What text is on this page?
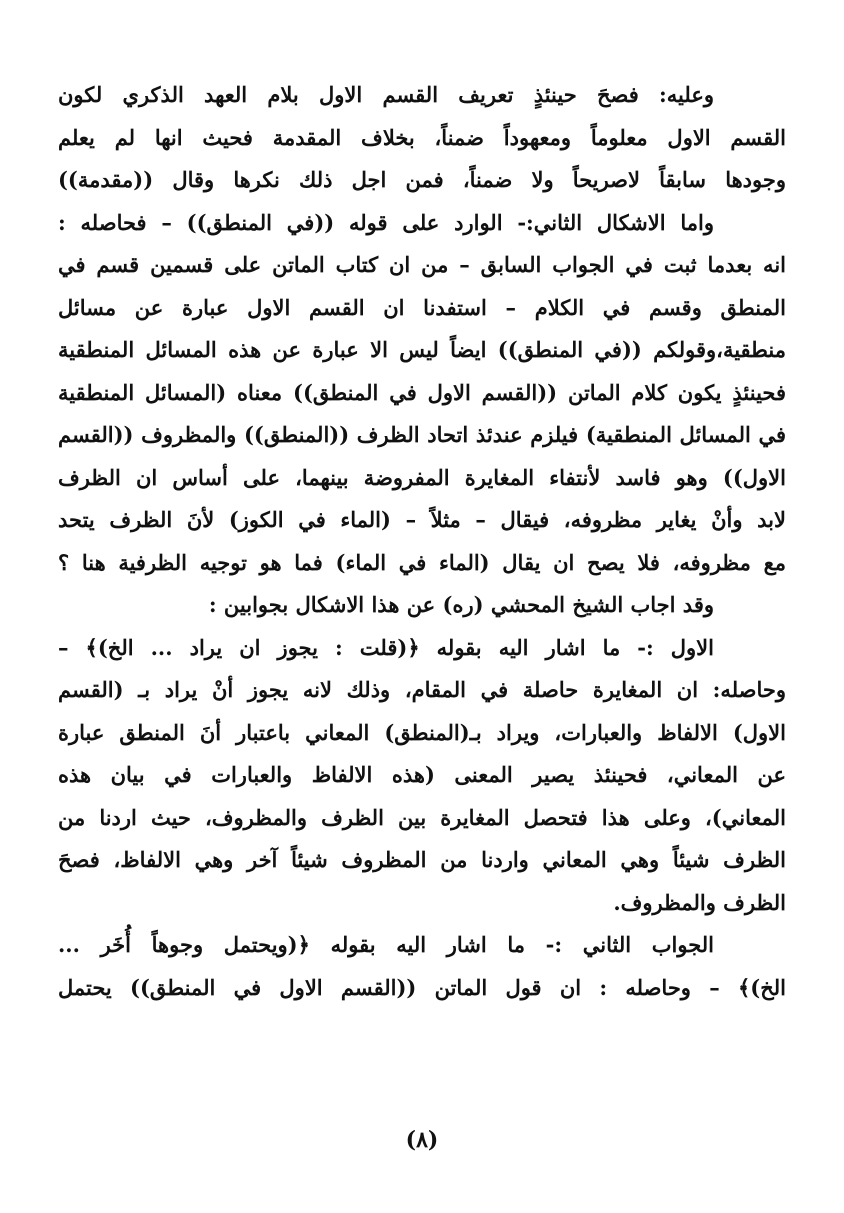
وعليه: فصحَ حينئذٍ تعريف القسم الاول بلام العهد الذكري لكون
القسم الاول معلوماً ومعهوداً ضمناً، بخلاف المقدمة فحيث انها لم يعلم
وجودها سابقاً لاصريحاً ولا ضمناً، فمن اجل ذلك نكرها وقال ((مقدمة))
واما الاشكال الثاني:- الوارد على قوله ((في المنطق)) – فحاصله :
انه بعدما ثبت في الجواب السابق – من ان كتاب الماتن على قسمين قسم في
المنطق وقسم في الكلام – استفدنا ان القسم الاول عبارة عن مسائل
منطقية،وقولكم ((في المنطق)) ايضاً ليس الا عبارة عن هذه المسائل المنطقية
فحينئذٍ يكون كلام الماتن ((القسم الاول في المنطق)) معناه (المسائل المنطقية
في المسائل المنطقية) فيلزم عندئذ اتحاد الظرف ((المنطق)) والمظروف ((القسم
الاول)) وهو فاسد لأنتفاء المغايرة المفروضة بينهما، على أساس ان الظرف
لابد وأنْ يغاير مظروفه، فيقال – مثلاً – (الماء في الكوز) لأنَ الظرف يتحد
مع مظروفه، فلا يصح ان يقال (الماء في الماء) فما هو توجيه الظرفية هنا ؟
وقد اجاب الشيخ المحشي (ره) عن هذا الاشكال بجوابين :
الاول :- ما اشار اليه بقوله ﴿(قلت : يجوز ان يراد ... الخ)﴾ –
وحاصله: ان المغايرة حاصلة في المقام، وذلك لانه يجوز أنْ يراد بـ (القسم
الاول) الالفاظ والعبارات، ويراد بـ(المنطق) المعاني باعتبار أنَ المنطق عبارة
عن المعاني، فحينئذ يصير المعنى (هذه الالفاظ والعبارات في بيان هذه
المعاني)، وعلى هذا فتحصل المغايرة بين الظرف والمظروف، حيث اردنا من
الظرف شيئاً وهي المعاني واردنا من المظروف شيئاً آخر وهي الالفاظ، فصحَ
الظرف والمظروف.
الجواب الثاني :- ما اشار اليه بقوله ﴿(ويحتمل وجوهاً أُخَر ...
الخ)﴾ – وحاصله : ان قول الماتن ((القسم الاول في المنطق)) يحتمل
(٨)
